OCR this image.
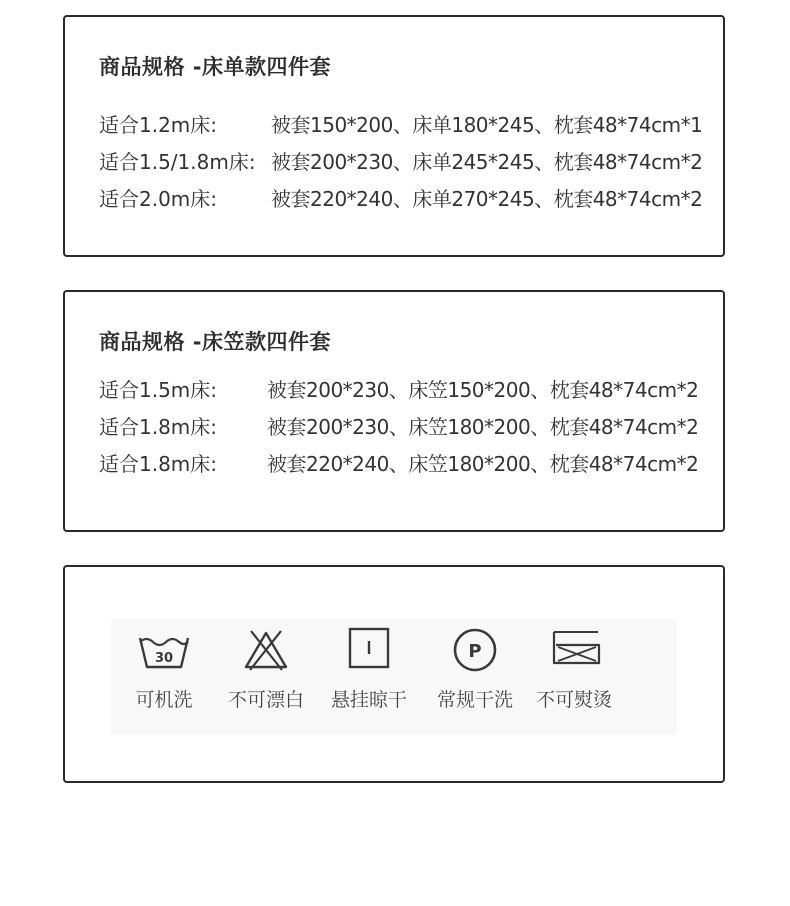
商品规格 -床单款四件套
适合1.2m床:	被套150*200、床单180*245、枕套48*74cm*1
适合1.5/1.8m床: 被套200*230、床单245*245、枕套48*74cm*2
适合2.0m床:	被套220*240、床单270*245、枕套48*74cm*2
商品规格 -床笠款四件套
适合1.5m床: 被套200*230、床笠150*200、枕套48*74cm*2
适合1.8m床: 被套200*230、床笠180*200、枕套48*74cm*2
适合1.8m床: 被套220*240、床笠180*200、枕套48*74cm*2
30
可机洗	不可漂白	悬挂晾干
P
常规干洗	不可熨烫
